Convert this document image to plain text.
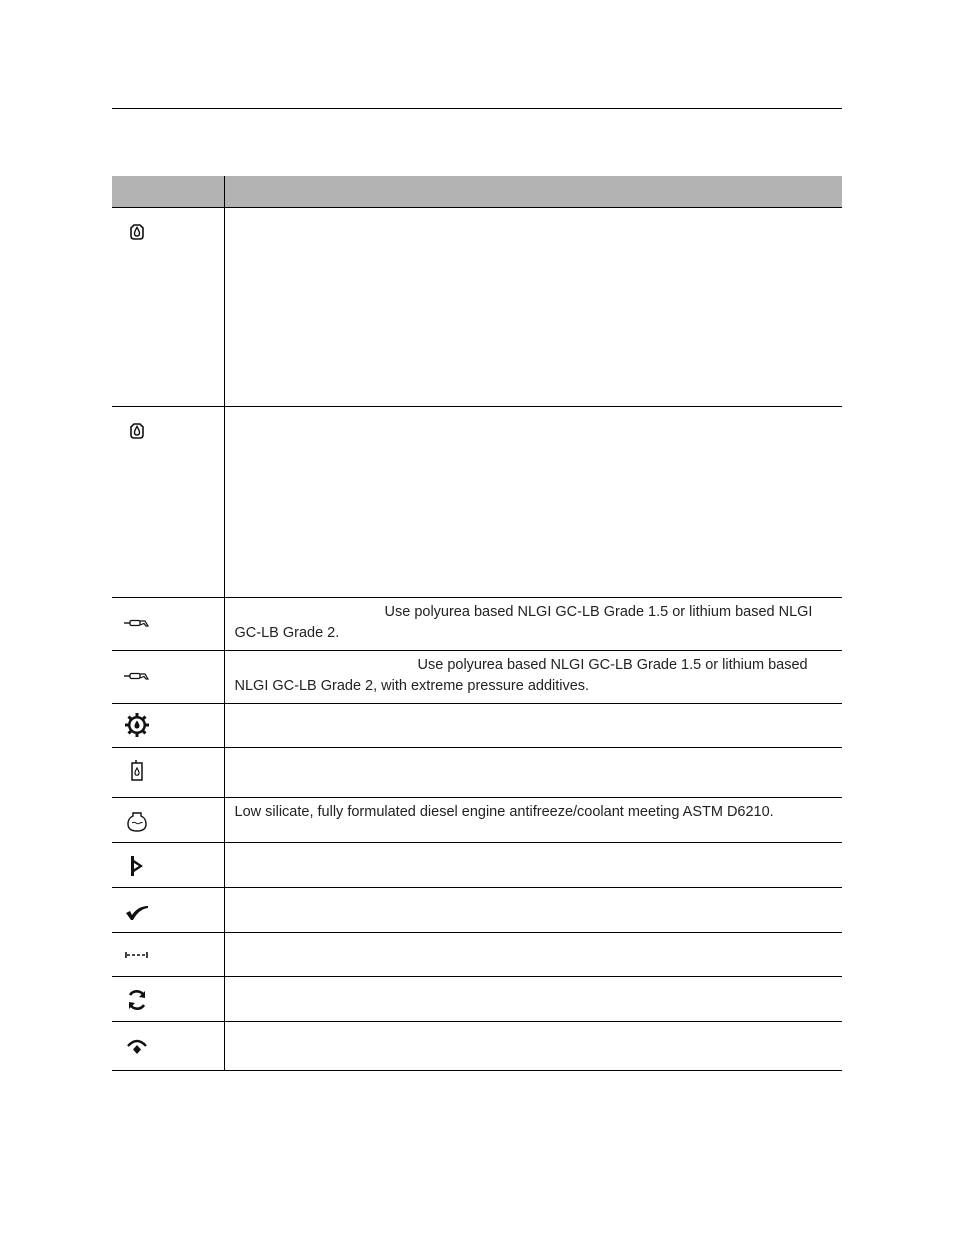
Use polyurea based NLGI GC-LB Grade 1.5 or lithium based NLGI GC-LB Grade 2.

Use polyurea based NLGI GC-LB Grade 1.5 or lithium based NLGI GC-LB Grade 2, with extreme pressure additives.

Low silicate, fully formulated diesel engine antifreeze/coolant meeting ASTM D6210.
